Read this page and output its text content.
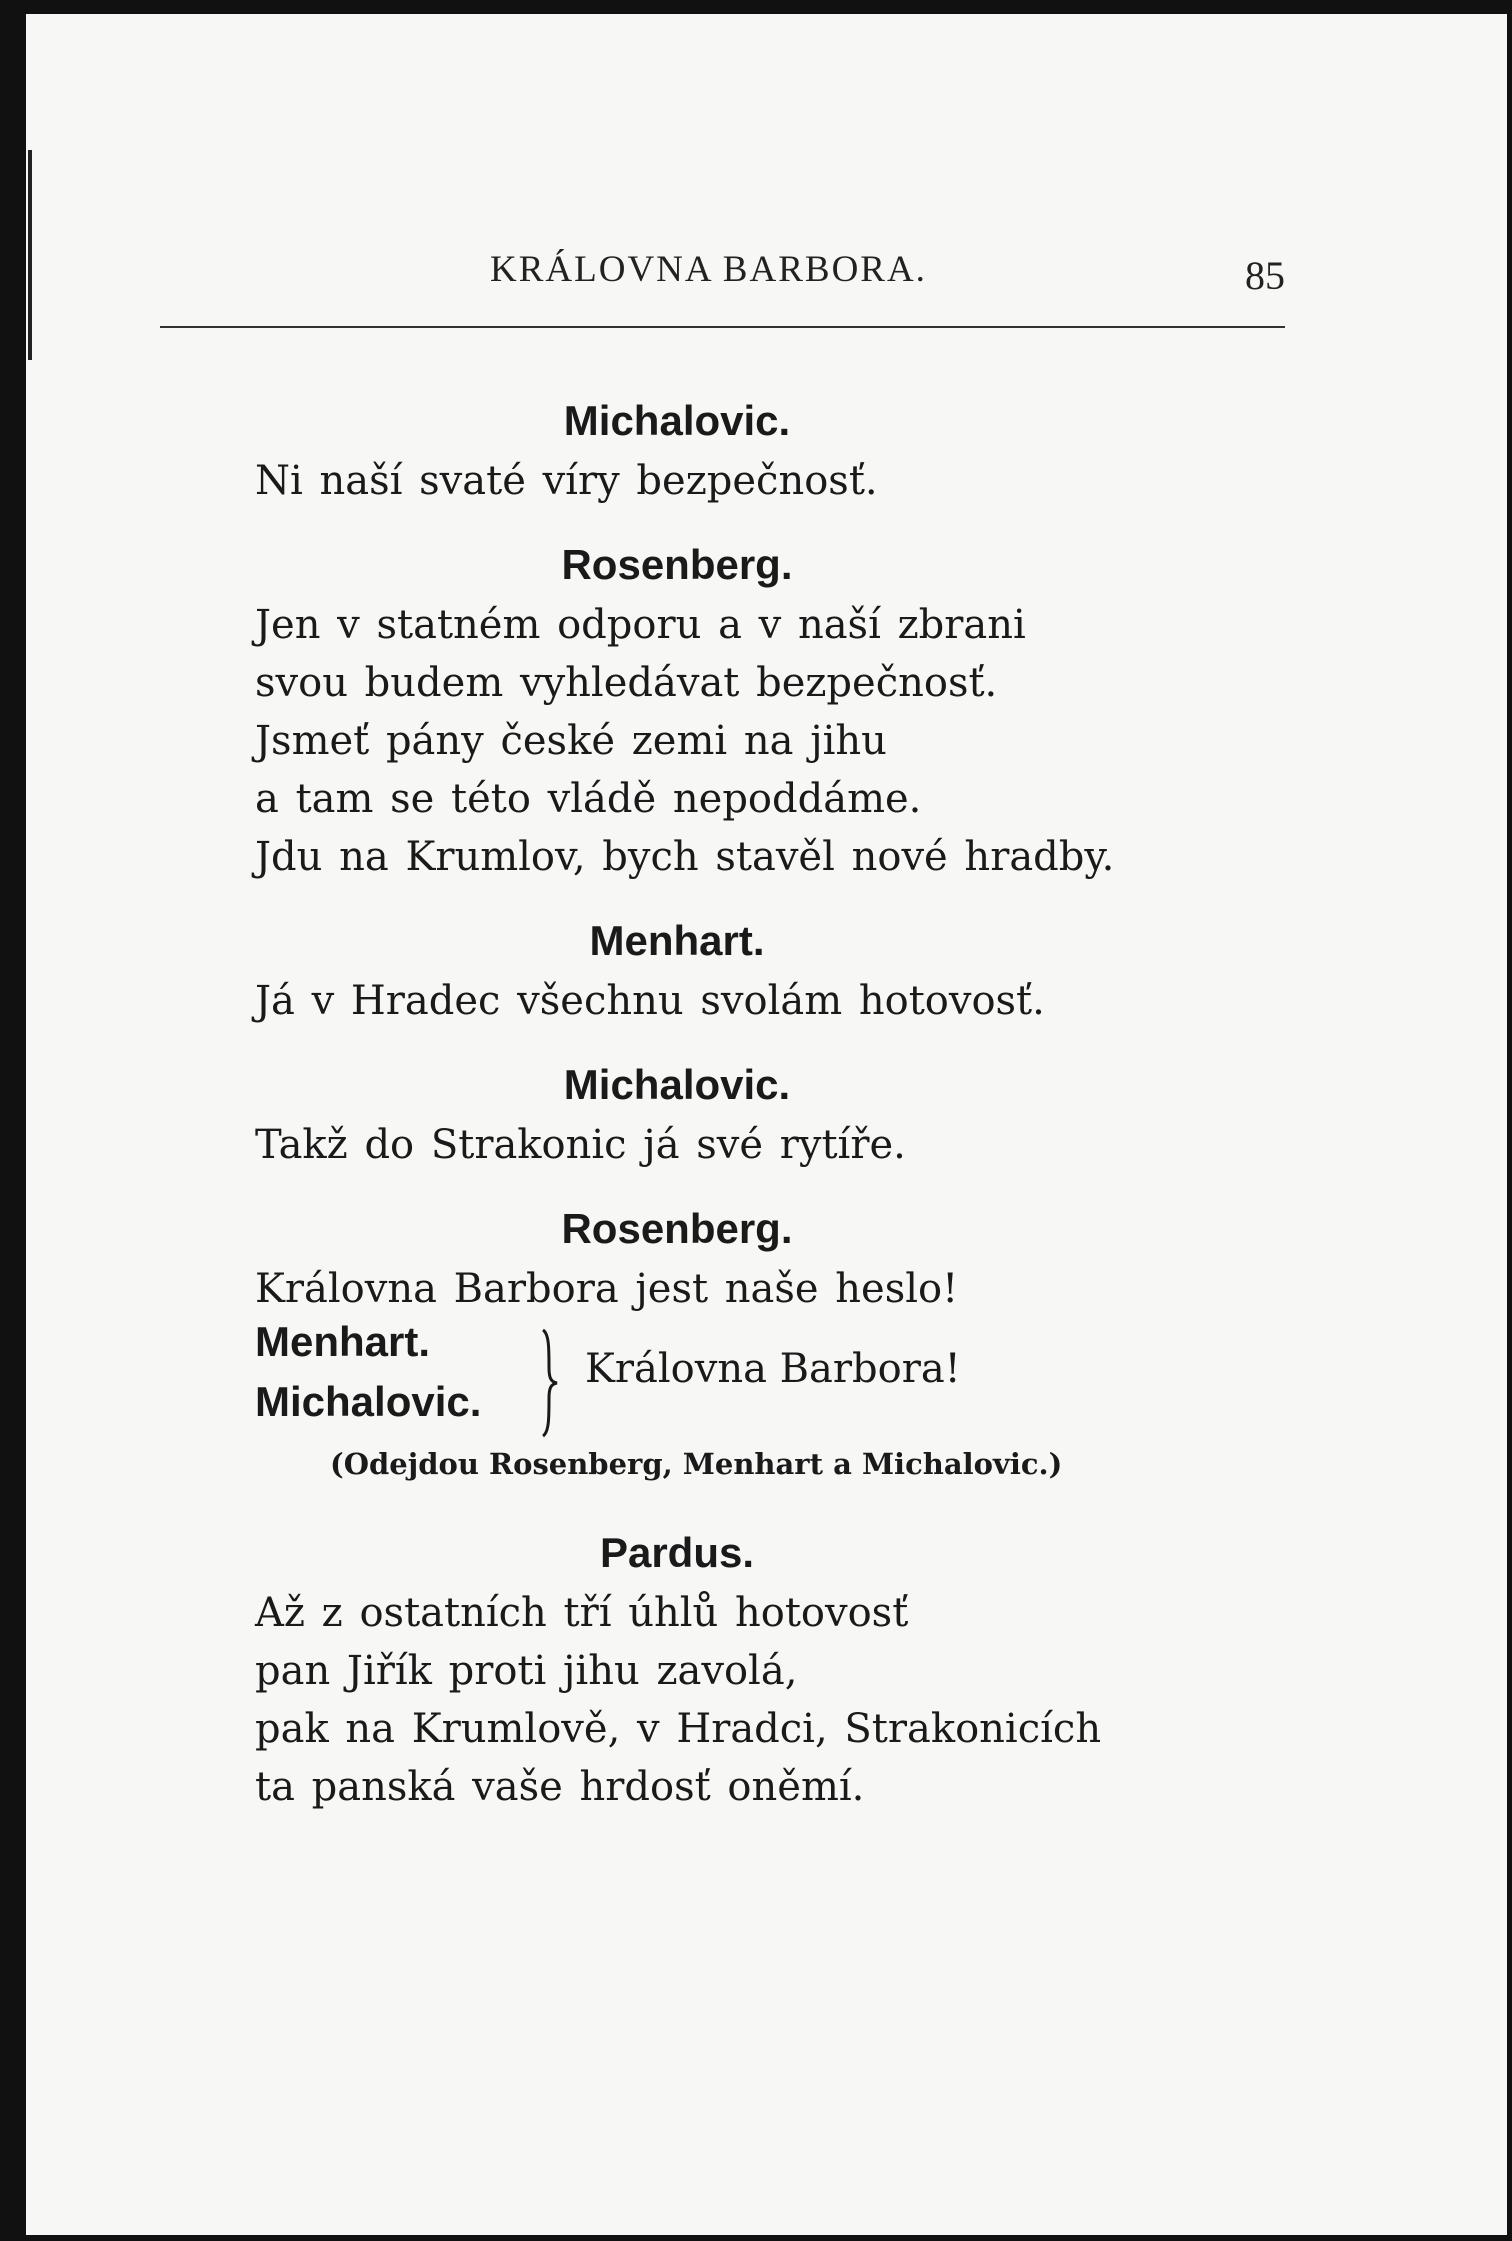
KRÁLOVNA BARBORA.	85
Michalovic.
Ni naší svaté víry bezpečnosť.
Rosenberg.
Jen v statném odporu a v naší zbrani
svou budem vyhledávat bezpečnosť.
Jsmeť pány české zemi na jihu
a tam se této vládě nepoddáme.
Jdu na Krumlov, bych stavěl nové hradby.
Menhart.
Já v Hradec všechnu svolám hotovosť.
Michalovic.
Takž do Strakonic já své rytíře.
Rosenberg.
Královna Barbora jest naše heslo!
Menhart.
Michalovic.
Královna Barbora!
(Odejdou Rosenberg, Menhart a Michalovic.)
Pardus.
Až z ostatních tří úhlů hotovosť
pan Jiřík proti jihu zavolá,
pak na Krumlově, v Hradci, Strakonicích
ta panská vaše hrdosť oněmí.
